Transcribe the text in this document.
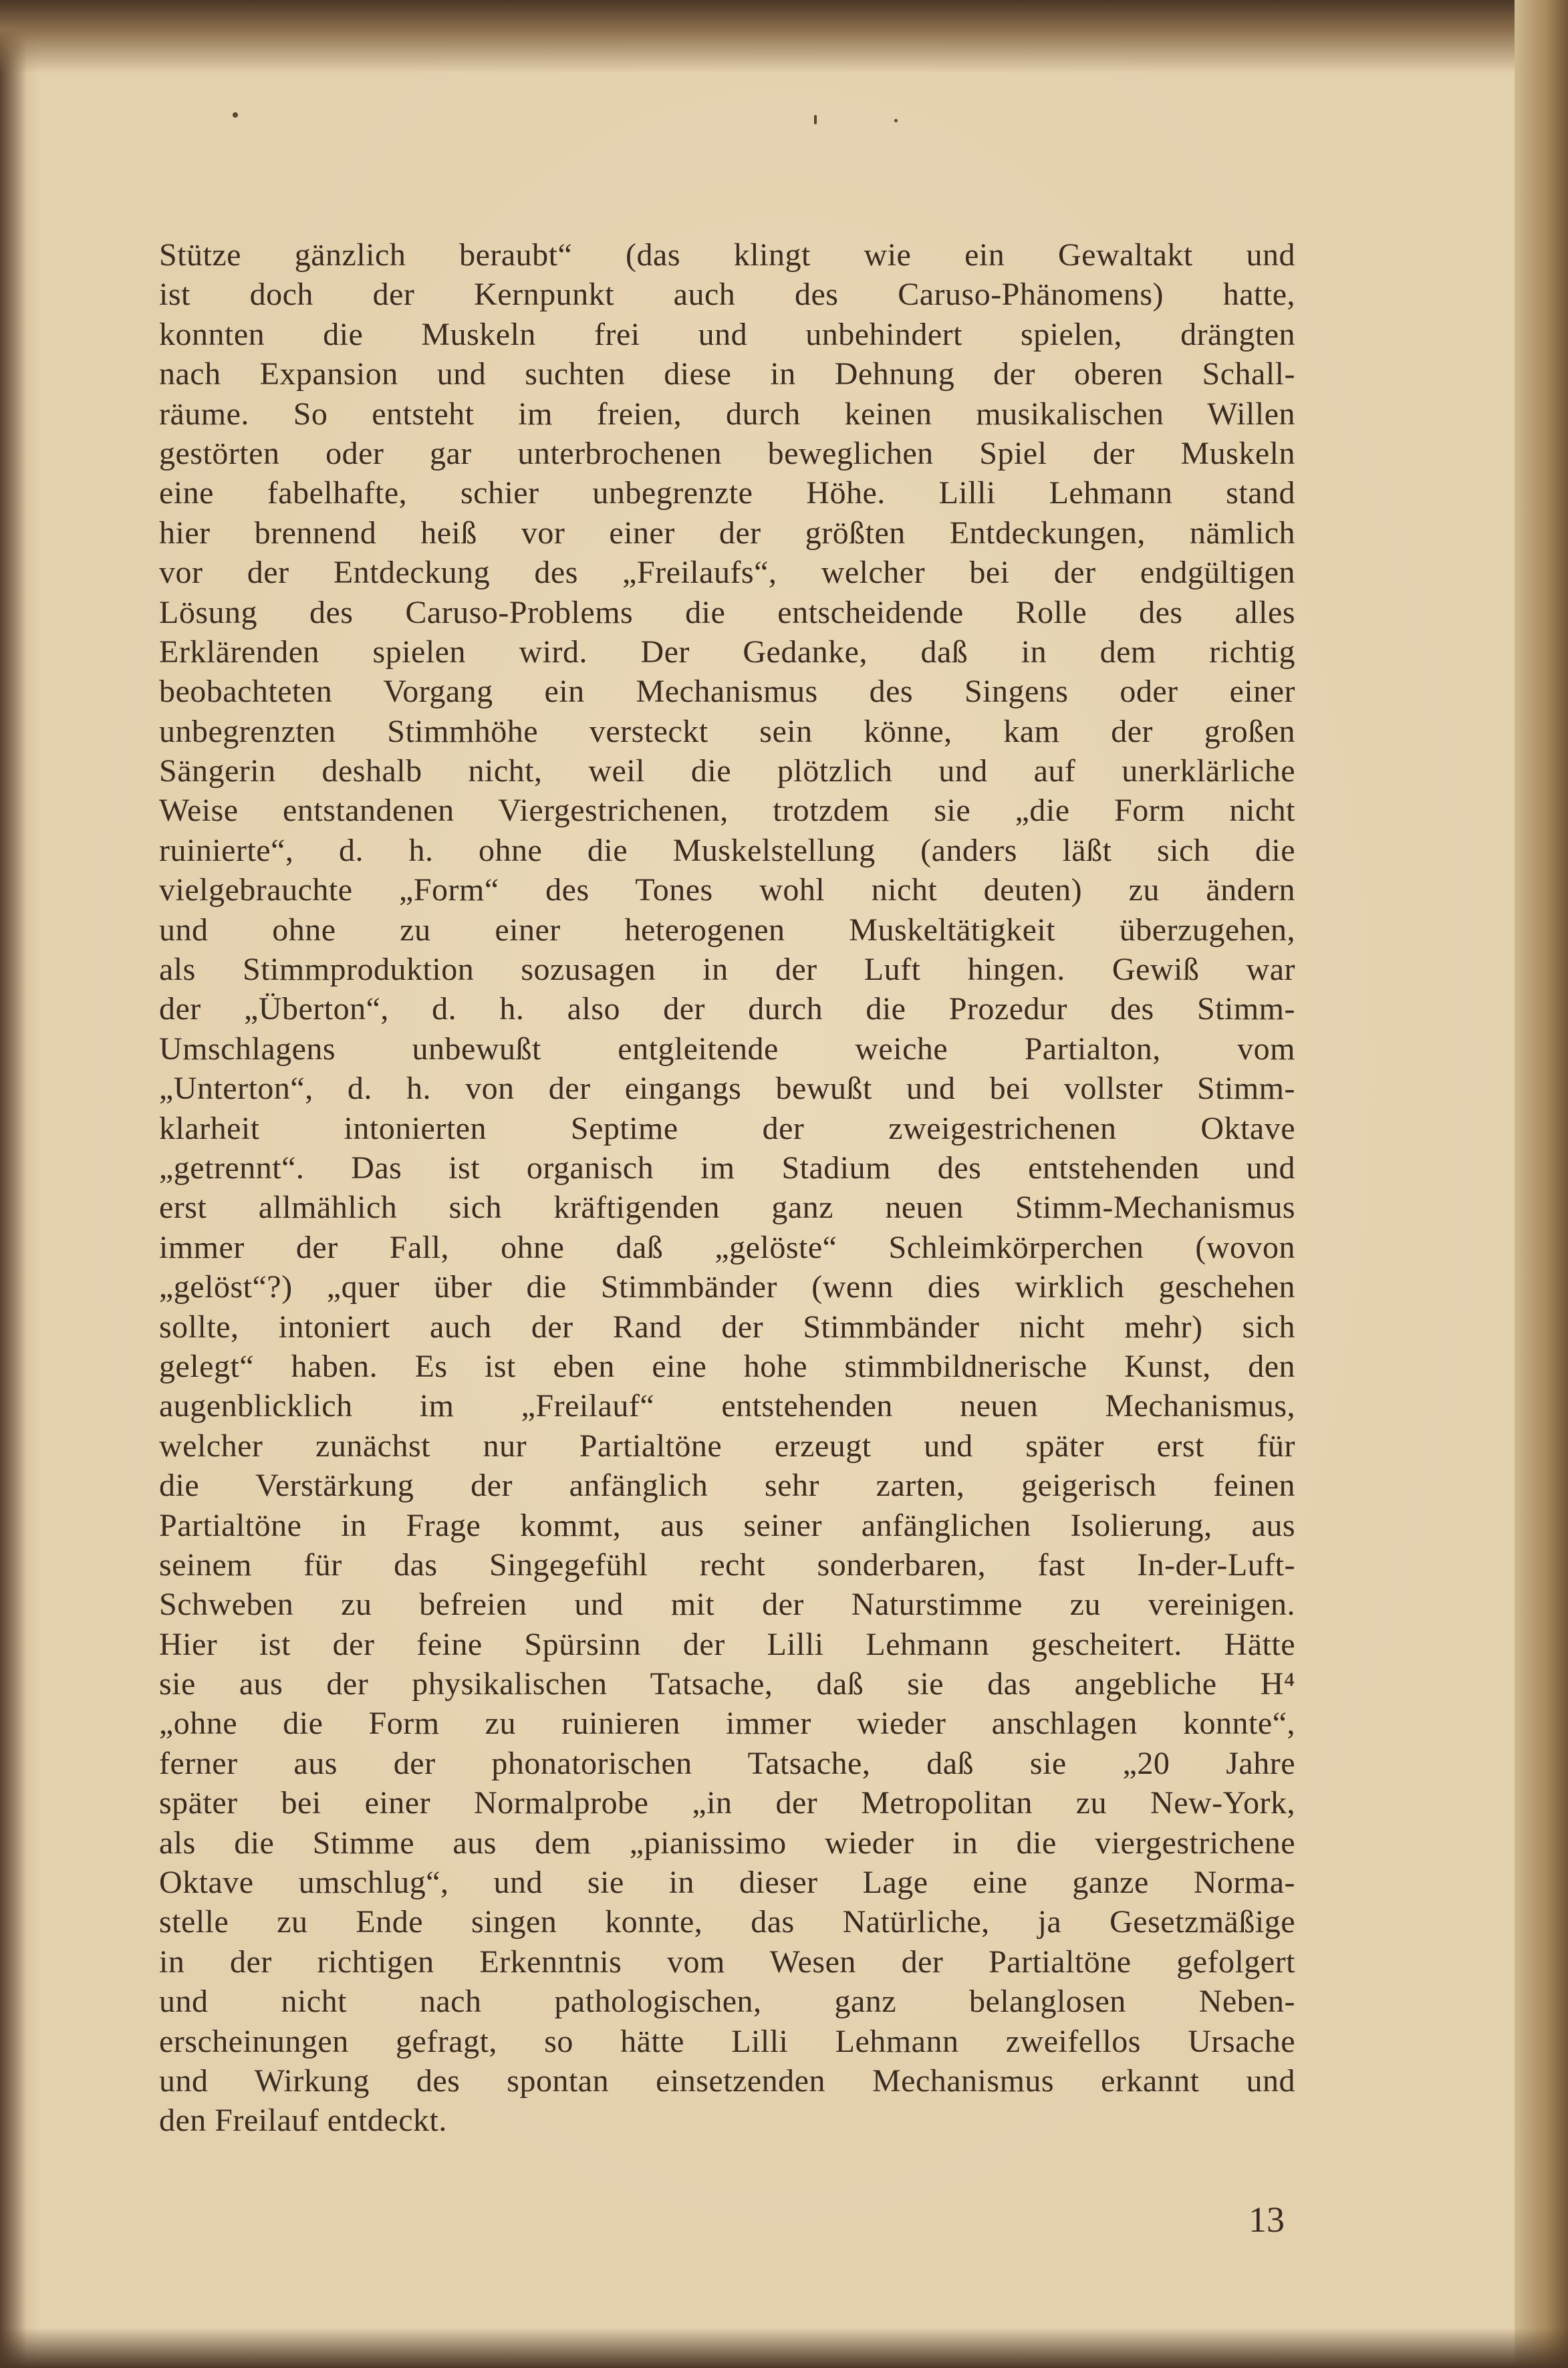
Stütze gänzlich beraubt“ (das klingt wie ein Gewaltakt und
ist doch der Kernpunkt auch des Caruso-Phänomens) hatte,
konnten die Muskeln frei und unbehindert spielen, drängten
nach Expansion und suchten diese in Dehnung der oberen Schall-
räume. So entsteht im freien, durch keinen musikalischen Willen
gestörten oder gar unterbrochenen beweglichen Spiel der Muskeln
eine fabelhafte, schier unbegrenzte Höhe. Lilli Lehmann stand
hier brennend heiß vor einer der größten Entdeckungen, nämlich
vor der Entdeckung des „Freilaufs“, welcher bei der endgültigen
Lösung des Caruso-Problems die entscheidende Rolle des alles
Erklärenden spielen wird. Der Gedanke, daß in dem richtig
beobachteten Vorgang ein Mechanismus des Singens oder einer
unbegrenzten Stimmhöhe versteckt sein könne, kam der großen
Sängerin deshalb nicht, weil die plötzlich und auf unerklärliche
Weise entstandenen Viergestrichenen, trotzdem sie „die Form nicht
ruinierte“, d. h. ohne die Muskelstellung (anders läßt sich die
vielgebrauchte „Form“ des Tones wohl nicht deuten) zu ändern
und ohne zu einer heterogenen Muskeltätigkeit überzugehen,
als Stimmproduktion sozusagen in der Luft hingen. Gewiß war
der „Überton“, d. h. also der durch die Prozedur des Stimm-
Umschlagens unbewußt entgleitende weiche Partialton, vom
„Unterton“, d. h. von der eingangs bewußt und bei vollster Stimm-
klarheit intonierten Septime der zweigestrichenen Oktave
„getrennt“. Das ist organisch im Stadium des entstehenden und
erst allmählich sich kräftigenden ganz neuen Stimm-Mechanismus
immer der Fall, ohne daß „gelöste“ Schleimkörperchen (wovon
„gelöst“?) „quer über die Stimmbänder (wenn dies wirklich geschehen
sollte, intoniert auch der Rand der Stimmbänder nicht mehr) sich
gelegt“ haben. Es ist eben eine hohe stimmbildnerische Kunst, den
augenblicklich im „Freilauf“ entstehenden neuen Mechanismus,
welcher zunächst nur Partialtöne erzeugt und später erst für
die Verstärkung der anfänglich sehr zarten, geigerisch feinen
Partialtöne in Frage kommt, aus seiner anfänglichen Isolierung, aus
seinem für das Singegefühl recht sonderbaren, fast In-der-Luft-
Schweben zu befreien und mit der Naturstimme zu vereinigen.
Hier ist der feine Spürsinn der Lilli Lehmann gescheitert. Hätte
sie aus der physikalischen Tatsache, daß sie das angebliche H⁴
„ohne die Form zu ruinieren immer wieder anschlagen konnte“,
ferner aus der phonatorischen Tatsache, daß sie „20 Jahre
später bei einer Normalprobe „in der Metropolitan zu New-York,
als die Stimme aus dem „pianissimo wieder in die viergestrichene
Oktave umschlug“, und sie in dieser Lage eine ganze Norma-
stelle zu Ende singen konnte, das Natürliche, ja Gesetzmäßige
in der richtigen Erkenntnis vom Wesen der Partialtöne gefolgert
und nicht nach pathologischen, ganz belanglosen Neben-
erscheinungen gefragt, so hätte Lilli Lehmann zweifellos Ursache
und Wirkung des spontan einsetzenden Mechanismus erkannt und
den Freilauf entdeckt.
13
